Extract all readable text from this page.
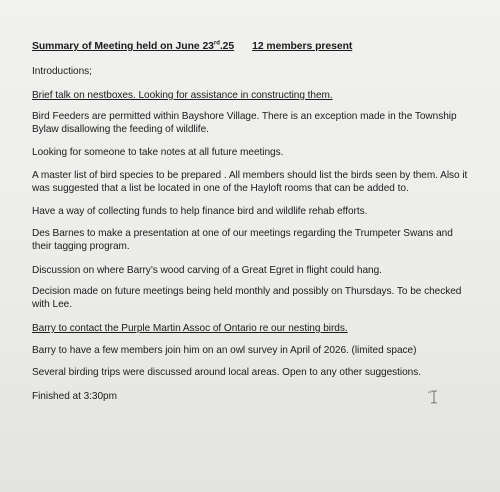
Summary of Meeting held on June 23rd.25 12 members present

Introductions;

Brief talk on nestboxes. Looking for assistance in constructing them.

Bird Feeders are permitted within Bayshore Village. There is an exception made in the Township Bylaw disallowing the feeding of wildlife.

Looking for someone to take notes at all future meetings.

A master list of bird species to be prepared . All members should list the birds seen by them. Also it was suggested that a list be located in one of the Hayloft rooms that can be added to.

Have a way of collecting funds to help finance bird and wildlife rehab efforts.

Des Barnes to make a presentation at one of our meetings regarding the Trumpeter Swans and their tagging program.

Discussion on where Barry’s wood carving of a Great Egret in flight could hang.

Decision made on future meetings being held monthly and possibly on Thursdays. To be checked with Lee.

Barry to contact the Purple Martin Assoc of Ontario re our nesting birds.

Barry to have a few members join him on an owl survey in April of 2026. (limited space)

Several birding trips were discussed around local areas. Open to any other suggestions.

Finished at 3:30pm
